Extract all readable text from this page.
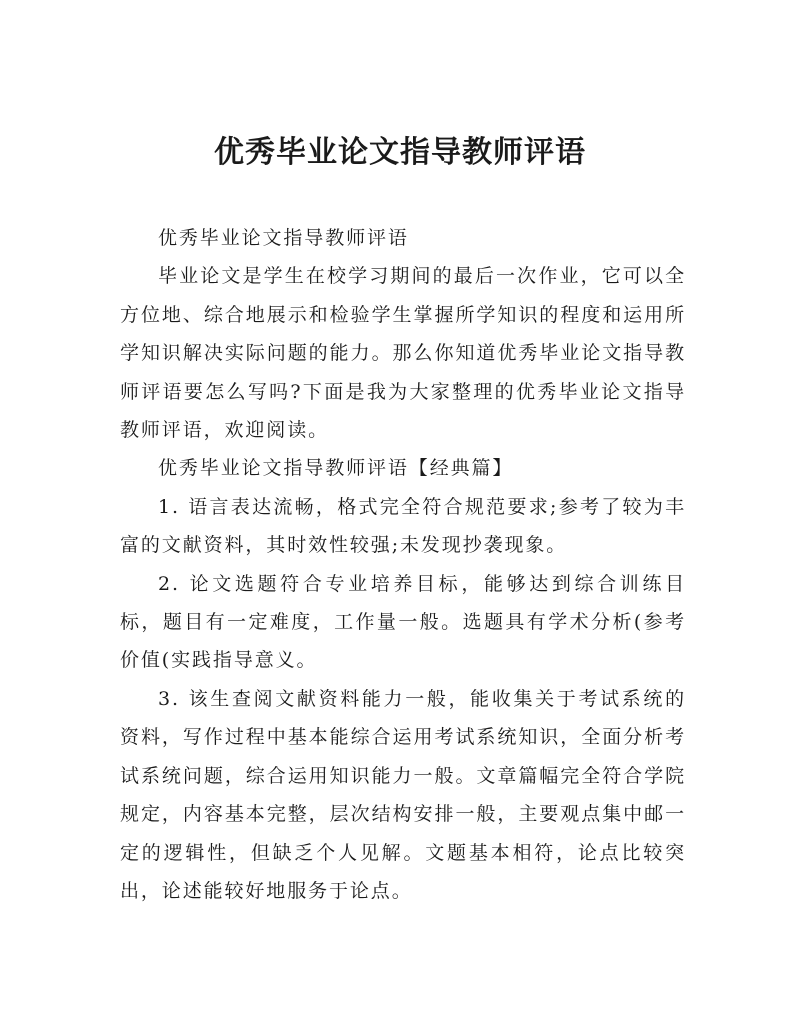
优秀毕业论文指导教师评语

优秀毕业论文指导教师评语

毕业论文是学生在校学习期间的最后一次作业，它可以全方位地、综合地展示和检验学生掌握所学知识的程度和运用所学知识解决实际问题的能力。那么你知道优秀毕业论文指导教师评语要怎么写吗?下面是我为大家整理的优秀毕业论文指导教师评语，欢迎阅读。

优秀毕业论文指导教师评语【经典篇】

1. 语言表达流畅，格式完全符合规范要求;参考了较为丰富的文献资料，其时效性较强;未发现抄袭现象。

2. 论文选题符合专业培养目标，能够达到综合训练目标，题目有一定难度，工作量一般。选题具有学术分析(参考价值(实践指导意义。

3. 该生查阅文献资料能力一般，能收集关于考试系统的资料，写作过程中基本能综合运用考试系统知识，全面分析考试系统问题，综合运用知识能力一般。文章篇幅完全符合学院规定，内容基本完整，层次结构安排一般，主要观点集中邮一定的逻辑性，但缺乏个人见解。文题基本相符，论点比较突出，论述能较好地服务于论点。
